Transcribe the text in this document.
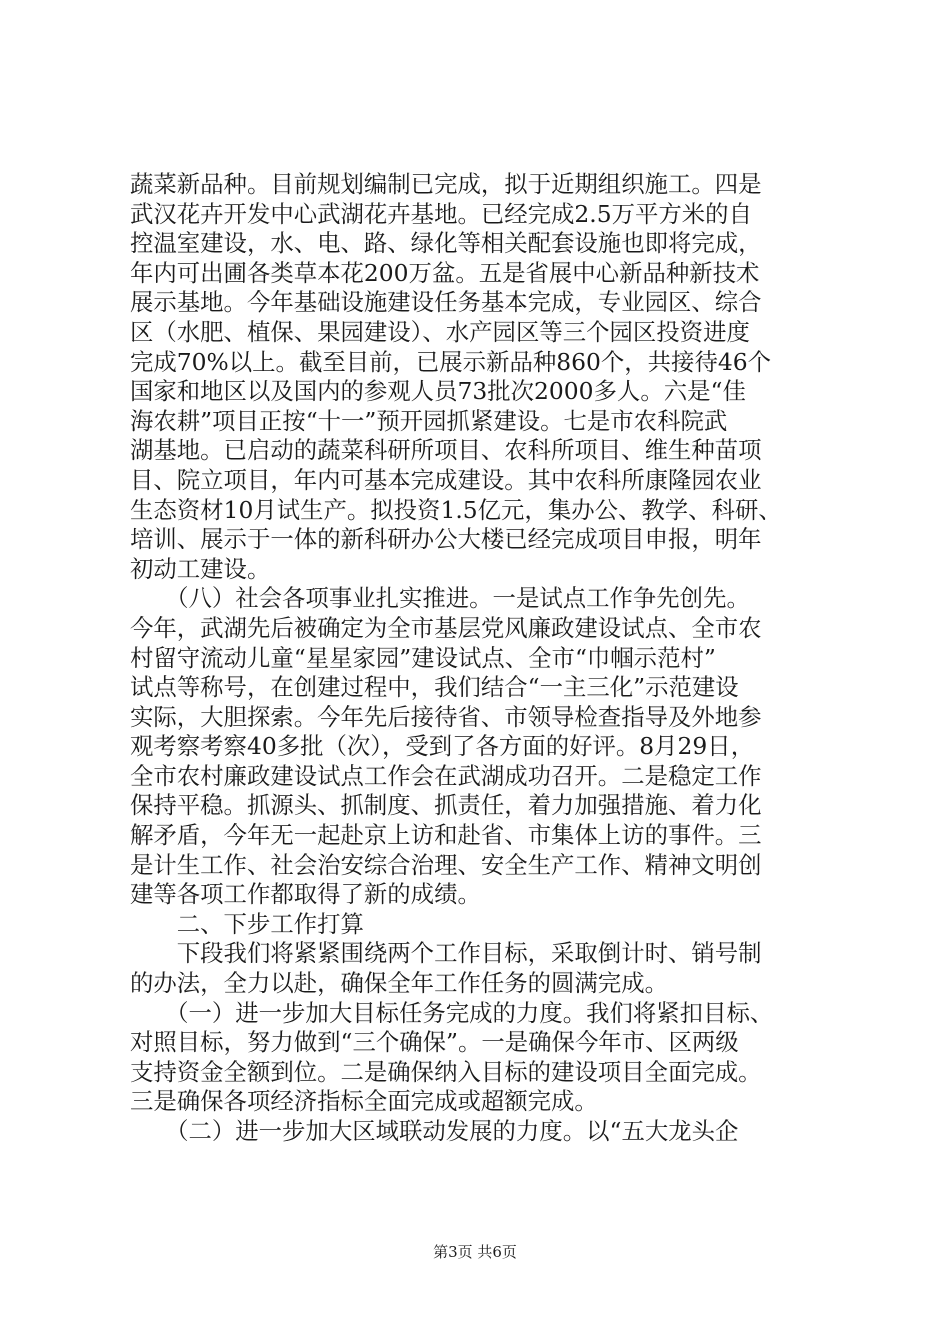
蔬菜新品种。目前规划编制已完成，拟于近期组织施工。四是
武汉花卉开发中心武湖花卉基地。已经完成2.5万平方米的自
控温室建设，水、电、路、绿化等相关配套设施也即将完成，
年内可出圃各类草本花200万盆。五是省展中心新品种新技术
展示基地。今年基础设施建设任务基本完成，专业园区、综合
区（水肥、植保、果园建设）、水产园区等三个园区投资进度
完成70%以上。截至目前，已展示新品种860个，共接待46个
国家和地区以及国内的参观人员73批次2000多人。六是“佳
海农耕”项目正按“十一”预开园抓紧建设。七是市农科院武
湖基地。已启动的蔬菜科研所项目、农科所项目、维生种苗项
目、院立项目，年内可基本完成建设。其中农科所康隆园农业
生态资材10月试生产。拟投资1.5亿元，集办公、教学、科研、
培训、展示于一体的新科研办公大楼已经完成项目申报，明年
初动工建设。
　　（八）社会各项事业扎实推进。一是试点工作争先创先。
今年，武湖先后被确定为全市基层党风廉政建设试点、全市农
村留守流动儿童“星星家园”建设试点、全市“巾帼示范村”
试点等称号，在创建过程中，我们结合“一主三化”示范建设
实际，大胆探索。今年先后接待省、市领导检查指导及外地参
观考察考察40多批（次），受到了各方面的好评。8月29日，
全市农村廉政建设试点工作会在武湖成功召开。二是稳定工作
保持平稳。抓源头、抓制度、抓责任，着力加强措施、着力化
解矛盾，今年无一起赴京上访和赴省、市集体上访的事件。三
是计生工作、社会治安综合治理、安全生产工作、精神文明创
建等各项工作都取得了新的成绩。
　　二、下步工作打算
　　下段我们将紧紧围绕两个工作目标，采取倒计时、销号制
的办法，全力以赴，确保全年工作任务的圆满完成。
　　（一）进一步加大目标任务完成的力度。我们将紧扣目标、
对照目标，努力做到“三个确保”。一是确保今年市、区两级
支持资金全额到位。二是确保纳入目标的建设项目全面完成。
三是确保各项经济指标全面完成或超额完成。
　　（二）进一步加大区域联动发展的力度。以“五大龙头企
第3页 共6页
